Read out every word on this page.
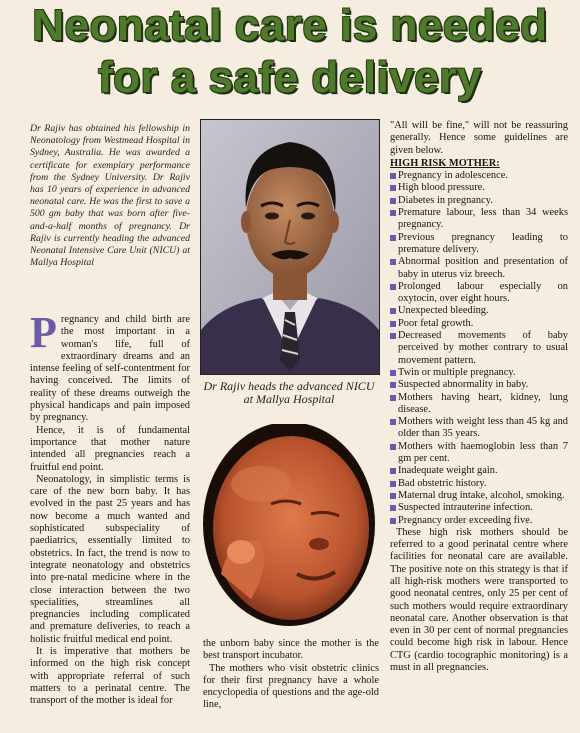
Neonatal care is needed
for a safe delivery

Dr Rajiv has obtained his fellowship in Neonatology from Westmead Hospital in Sydney, Australia. He was awarded a certificate for exemplary performance from the Sydney University. Dr Rajiv has 10 years of experience in advanced neonatal care. He was the first to save a 500 gm baby that was born after five-and-a-half months of pregnancy. Dr Rajiv is currently heading the advanced Neonatal Intensive Care Unit (NICU) at Mallya Hospital

Pregnancy and child birth are the most important in a woman's life, full of extraordinary dreams and an intense feeling of self-contentment for having conceived. The limits of reality of these dreams outweigh the physical handicaps and pain imposed by pregnancy.

Hence, it is of fundamental importance that mother nature intended all pregnancies reach a fruitful end point.

Neonatology, in simplistic terms is care of the new born baby. It has evolved in the past 25 years and has now become a much wanted and sophisticated subspeciality of paediatrics, essentially limited to obstetrics. In fact, the trend is now to integrate neonatology and obstetrics into pre-natal medicine where in the close interaction between the two specialities, streamlines all pregnancies including complicated and premature deliveries, to reach a holistic fruitful medical end point.

It is imperative that mothers be informed on the high risk concept with appropriate referral of such matters to a perinatal centre. The transport of the mother is ideal for

Dr Rajiv heads the advanced NICU at Mallya Hospital

the unborn baby since the mother is the best transport incubator.

The mothers who visit obstetric clinics for their first pregnancy have a whole encyclopedia of questions and the age-old line,

"All will be fine," will not be reassuring generally. Hence some guidelines are given below.

HIGH RISK MOTHER:
Pregnancy in adolescence.
High blood pressure.
Diabetes in pregnancy.
Premature labour, less than 34 weeks pregnancy.
Previous pregnancy leading to premature delivery.
Abnormal position and presentation of baby in uterus viz breech.
Prolonged labour especially on oxytocin, over eight hours.
Unexpected bleeding.
Poor fetal growth.
Decreased movements of baby perceived by mother contrary to usual movement pattern.
Twin or multiple pregnancy.
Suspected abnormality in baby.
Mothers having heart, kidney, lung disease.
Mothers with weight less than 45 kg and older than 35 years.
Mothers with haemoglobin less than 7 gm per cent.
Inadequate weight gain.
Bad obstetric history.
Maternal drug intake, alcohol, smoking.
Suspected intrauterine infection.
Pregnancy order exceeding five.

These high risk mothers should be referred to a good perinatal centre where facilities for neonatal care are available. The positive note on this strategy is that if all high-risk mothers were transported to good neonatal centres, only 25 per cent of such mothers would require extraordinary neonatal care. Another observation is that even in 30 per cent of normal pregnancies could become high risk in labour. Hence CTG (cardio tocographic monitoring) is a must in all pregnancies.
